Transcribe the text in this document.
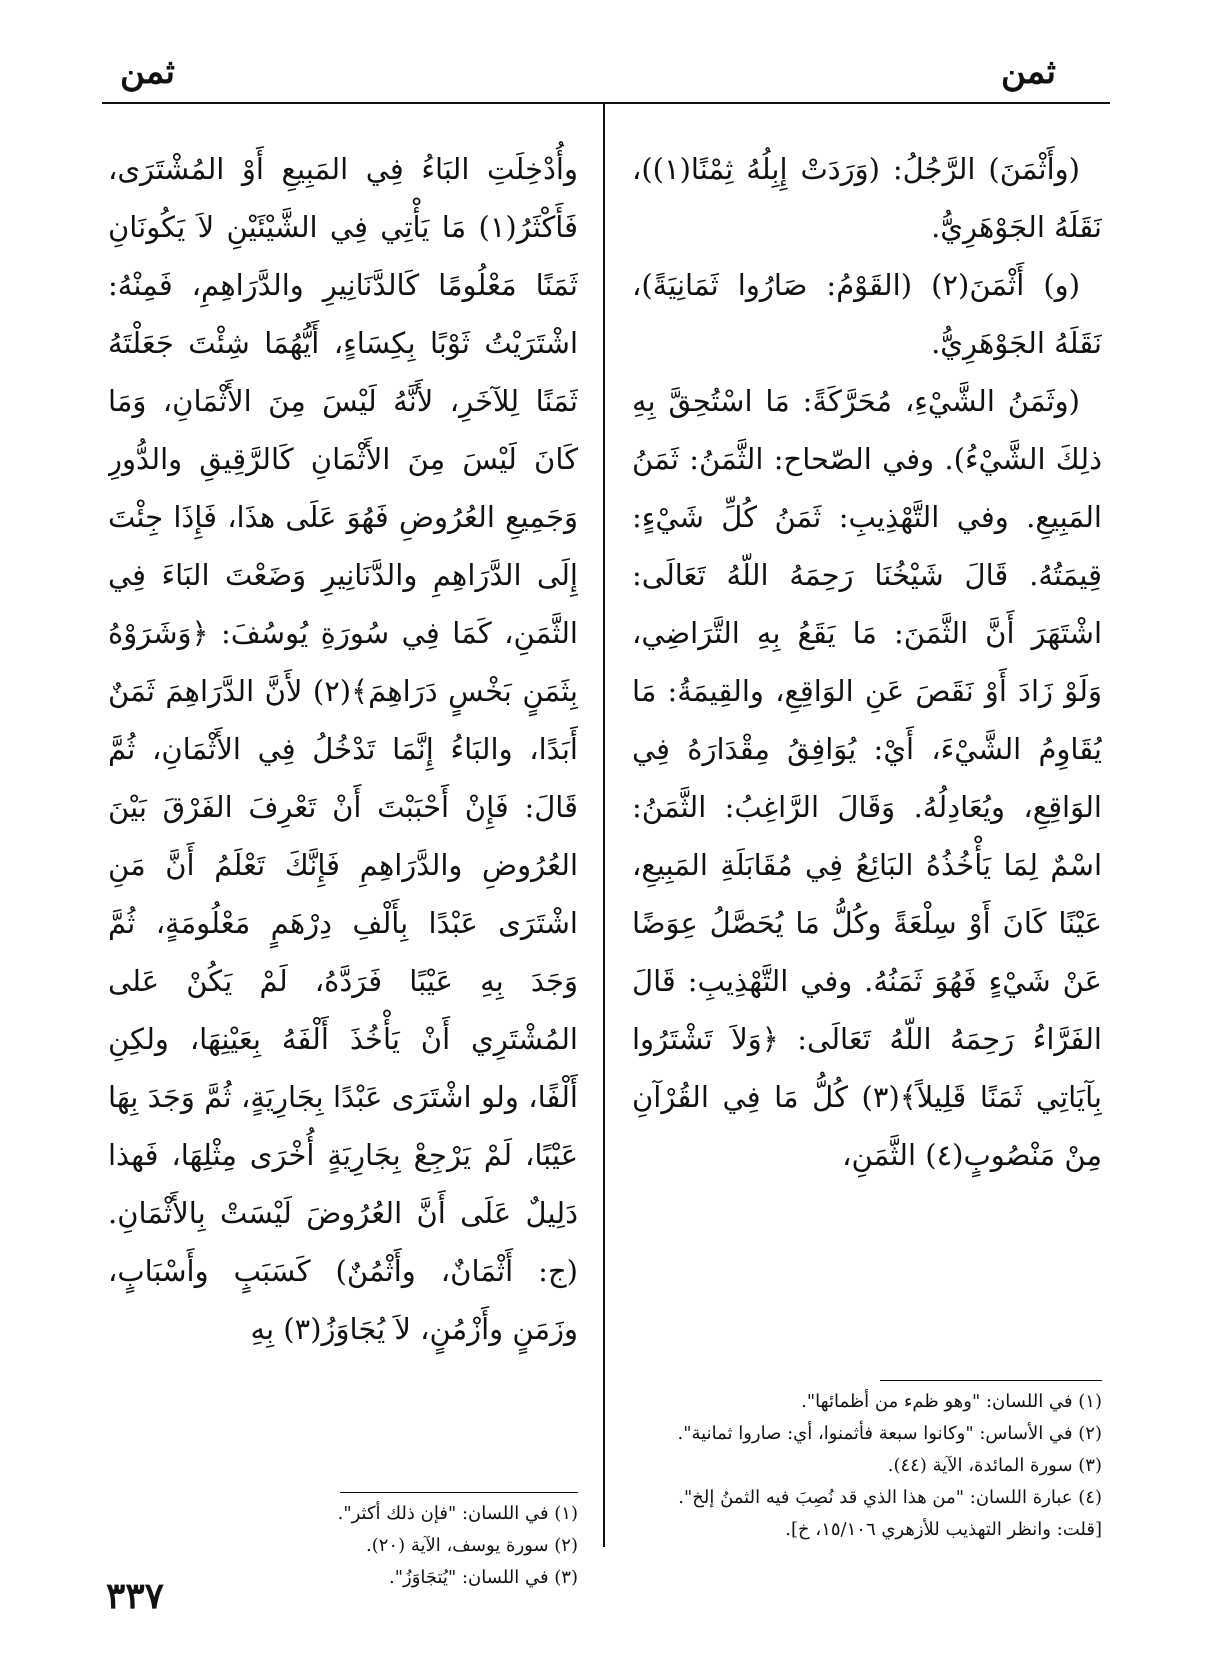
ثمن
ثمن

(وأَثْمَنَ) الرَّجُلُ: (وَرَدَتْ إِبِلُهُ ثِمْنًا(١))، نَقَلَهُ الجَوْهَرِيُّ.

(و) أَثْمَنَ(٢) (القَوْمُ: صَارُوا ثَمَانِيَةً)، نَقَلَهُ الجَوْهَرِيُّ.

(وثَمَنُ الشَّيْءِ، مُحَرَّكَةً: مَا اسْتُحِقَّ بِهِ ذلِكَ الشَّيْءُ). وفي الصّحاح: الثَّمَنُ: ثَمَنُ المَبِيعِ. وفي التَّهْذِيبِ: ثَمَنُ كُلِّ شَيْءٍ: قِيمَتُهُ. قَالَ شَيْخُنَا رَحِمَهُ اللّهُ تَعَالَى: اشْتَهَرَ أَنَّ الثَّمَنَ: مَا يَقَعُ بِهِ التَّرَاضِي، وَلَوْ زَادَ أَوْ نَقَصَ عَنِ الوَاقِعِ، والقِيمَةُ: مَا يُقَاوِمُ الشَّيْءَ، أَيْ: يُوَافِقُ مِقْدَارَهُ فِي الوَاقِعِ، ويُعَادِلُهُ. وَقَالَ الرَّاغِبُ: الثَّمَنُ: اسْمٌ لِمَا يَأْخُذُهُ البَائِعُ فِي مُقَابَلَةِ المَبِيعِ، عَيْنًا كَانَ أَوْ سِلْعَةً وكُلُّ مَا يُحَصَّلُ عِوَضًا عَنْ شَيْءٍ فَهُوَ ثَمَنُهُ. وفي التَّهْذِيبِ: قَالَ الفَرَّاءُ رَحِمَهُ اللّهُ تَعَالَى: ﴿وَلاَ تَشْتَرُوا بِآيَاتِي ثَمَنًا قَلِيلاً﴾(٣) كُلُّ مَا فِي القُرْآنِ مِنْ مَنْصُوبٍ(٤) الثَّمَنِ،

(١) في اللسان: "وهو ظمء من أظمائها".
(٢) في الأساس: "وكانوا سبعة فأثمنوا، أي: صاروا ثمانية".
(٣) سورة المائدة، الآية (٤٤).
(٤) عبارة اللسان: "من هذا الذي قد نُصِبَ فيه الثمنُ إلخ". [قلت: وانظر التهذيب للأزهري ١٥/١٠٦، خ].

وأُدْخِلَتِ البَاءُ فِي المَبِيعِ أَوْ المُشْتَرَى، فَأَكْثَرُ(١) مَا يَأْتِي فِي الشَّيْئَيْنِ لاَ يَكُونَانِ ثَمَنًا مَعْلُومًا كَالدَّنَانِيرِ والدَّرَاهِمِ، فَمِنْهُ: اشْتَرَيْتُ ثَوْبًا بِكِسَاءٍ، أَيُّهُمَا شِئْتَ جَعَلْتَهُ ثَمَنًا لِلآخَرِ، لأَنَّهُ لَيْسَ مِنَ الأَثْمَانِ، وَمَا كَانَ لَيْسَ مِنَ الأَثْمَانِ كَالرَّقِيقِ والدُّورِ وَجَمِيعِ العُرُوضِ فَهُوَ عَلَى هذَا، فَإِذَا جِئْتَ إِلَى الدَّرَاهِمِ والدَّنَانِيرِ وَضَعْتَ البَاءَ فِي الثَّمَنِ، كَمَا فِي سُورَةِ يُوسُفَ: ﴿وَشَرَوْهُ بِثَمَنٍ بَخْسٍ دَرَاهِمَ﴾(٢) لأَنَّ الدَّرَاهِمَ ثَمَنٌ أَبَدًا، والبَاءُ إِنَّمَا تَدْخُلُ فِي الأَثْمَانِ، ثُمَّ قَالَ: فَإِنْ أَحْبَبْتَ أَنْ تَعْرِفَ الفَرْقَ بَيْنَ العُرُوضِ والدَّرَاهِمِ فَإِنَّكَ تَعْلَمُ أَنَّ مَنِ اشْتَرَى عَبْدًا بِأَلْفِ دِرْهَمٍ مَعْلُومَةٍ، ثُمَّ وَجَدَ بِهِ عَيْبًا فَرَدَّهُ، لَمْ يَكُنْ عَلى المُشْتَرِي أَنْ يَأْخُذَ أَلْفَهُ بِعَيْنِهَا، ولكِنِ أَلْفًا، ولو اشْتَرَى عَبْدًا بِجَارِيَةٍ، ثُمَّ وَجَدَ بِهَا عَيْبًا، لَمْ يَرْجِعْ بِجَارِيَةٍ أُخْرَى مِثْلِهَا، فَهذا دَلِيلٌ عَلَى أَنَّ العُرُوضَ لَيْسَتْ بِالأَثْمَانِ. (ج: أَثْمَانٌ، وأَثْمُنٌ) كَسَبَبٍ وأَسْبَابٍ، وزَمَنٍ وأَزْمُنٍ، لاَ يُجَاوَزُ(٣) بِهِ

(١) في اللسان: "فإن ذلك أكثر".
(٢) سورة يوسف، الآية (٢٠).
(٣) في اللسان: "يُتجَاوَزُ".
٣٣٧
